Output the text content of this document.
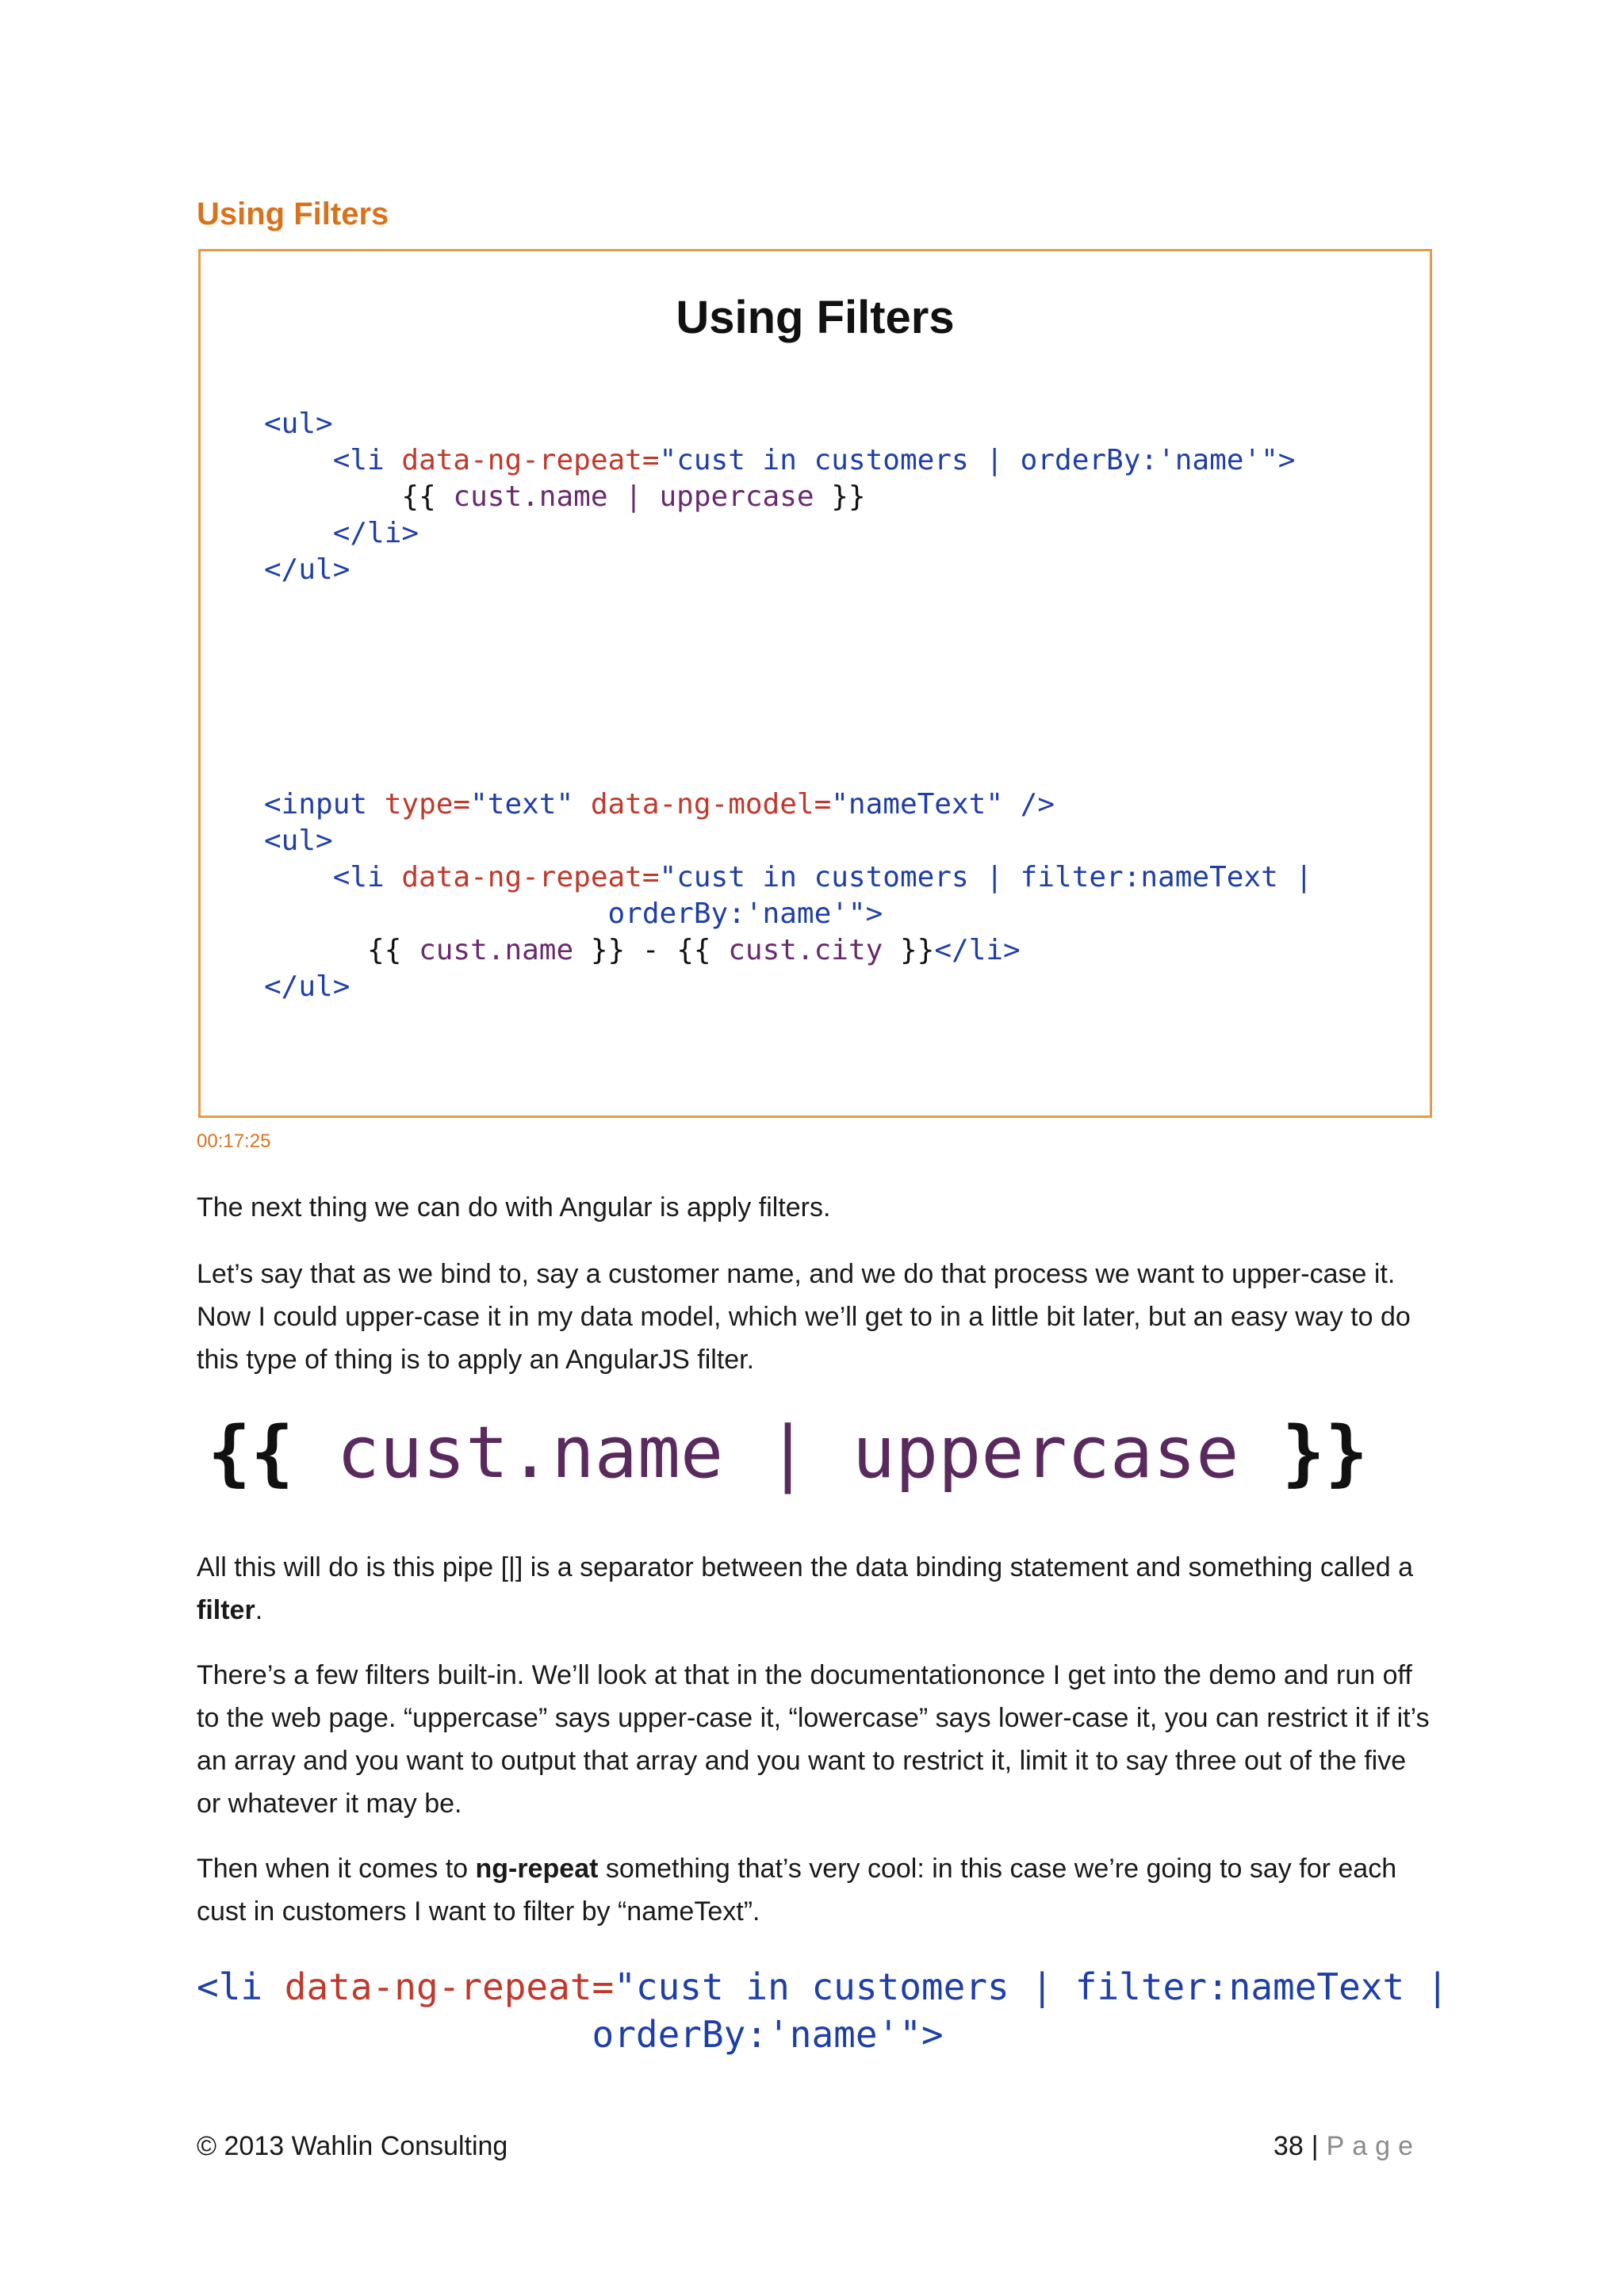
Using Filters
Using Filters
<ul>
<li data-ng-repeat="cust in customers | orderBy:'name'">
{{ cust.name | uppercase }}
</li>
</ul>
<input type="text" data-ng-model="nameText" />
<ul>
<li data-ng-repeat="cust in customers | filter:nameText |
orderBy:'name'">
{{ cust.name }} - {{ cust.city }}</li>
</ul>
00:17:25

The next thing we can do with Angular is apply filters.

Let’s say that as we bind to, say a customer name, and we do that process we want to upper-case it. Now I could upper-case it in my data model, which we’ll get to in a little bit later, but an easy way to do this type of thing is to apply an AngularJS filter.

{{ cust.name | uppercase }}

All this will do is this pipe [|] is a separator between the data binding statement and something called a filter.

There’s a few filters built-in. We’ll look at that in the documentationonce I get into the demo and run off to the web page. “uppercase” says upper-case it, “lowercase” says lower-case it, you can restrict it if it’s an array and you want to output that array and you want to restrict it, limit it to say three out of the five or whatever it may be.

Then when it comes to ng-repeat something that’s very cool: in this case we’re going to say for each cust in customers I want to filter by “nameText”.

<li data-ng-repeat="cust in customers | filter:nameText |
orderBy:'name'">
© 2013 Wahlin Consulting	38 | Page
